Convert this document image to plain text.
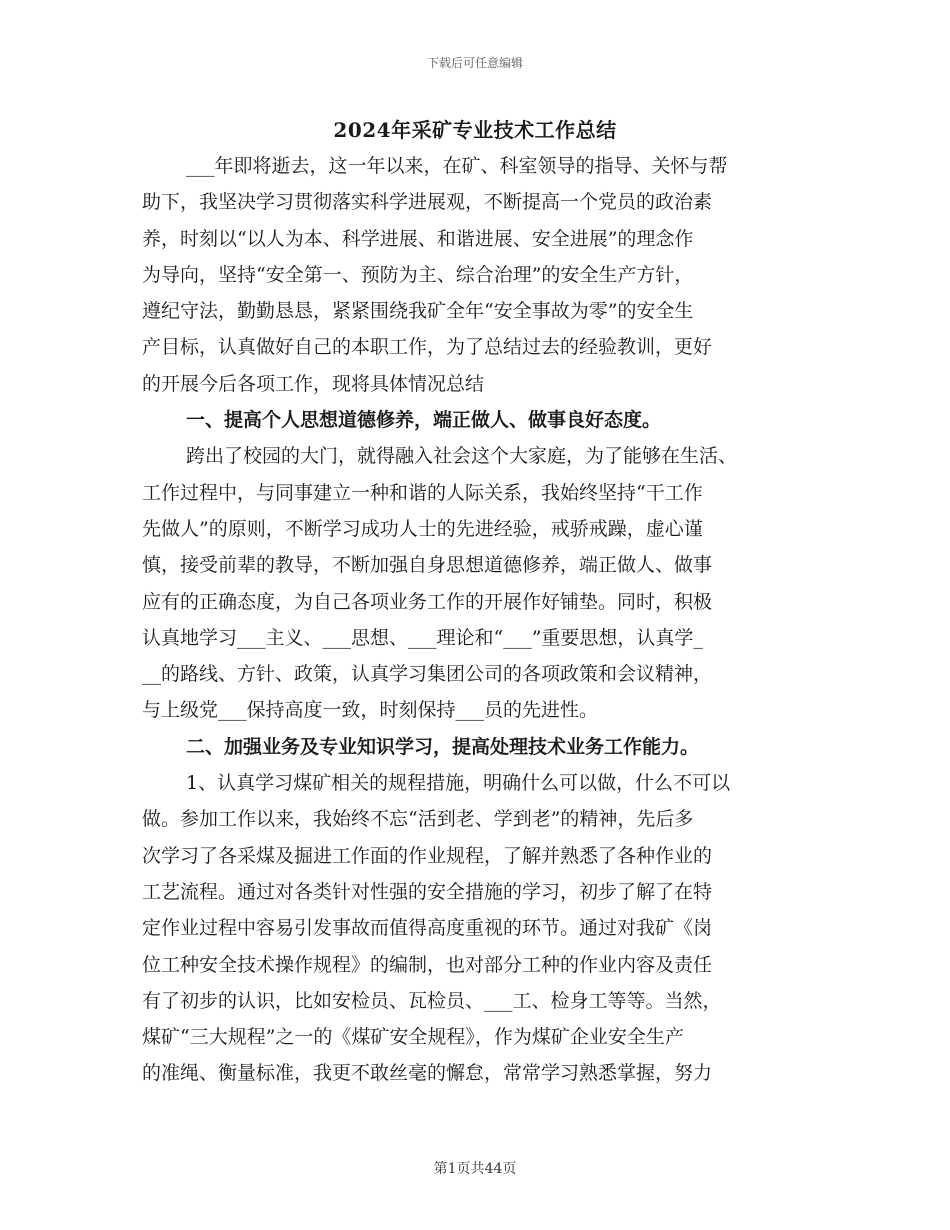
下载后可任意编辑
2024年采矿专业技术工作总结
___年即将逝去，这一年以来，在矿、科室领导的指导、关怀与帮
助下，我坚决学习贯彻落实科学进展观，不断提高一个党员的政治素
养，时刻以“以人为本、科学进展、和谐进展、安全进展”的理念作
为导向，坚持“安全第一、预防为主、综合治理”的安全生产方针，
遵纪守法，勤勤恳恳，紧紧围绕我矿全年“安全事故为零”的安全生
产目标，认真做好自己的本职工作，为了总结过去的经验教训，更好
的开展今后各项工作，现将具体情况总结
一、提高个人思想道德修养，端正做人、做事良好态度。
跨出了校园的大门，就得融入社会这个大家庭，为了能够在生活、
工作过程中，与同事建立一种和谐的人际关系，我始终坚持“干工作
先做人”的原则，不断学习成功人士的先进经验，戒骄戒躁，虚心谨
慎，接受前辈的教导，不断加强自身思想道德修养，端正做人、做事
应有的正确态度，为自己各项业务工作的开展作好铺垫。同时，积极
认真地学习___主义、___思想、___理论和“___”重要思想，认真学_
__的路线、方针、政策，认真学习集团公司的各项政策和会议精神，
与上级党___保持高度一致，时刻保持___员的先进性。
二、加强业务及专业知识学习，提高处理技术业务工作能力。
1、认真学习煤矿相关的规程措施，明确什么可以做，什么不可以
做。参加工作以来，我始终不忘“活到老、学到老”的精神，先后多
次学习了各采煤及掘进工作面的作业规程，了解并熟悉了各种作业的
工艺流程。通过对各类针对性强的安全措施的学习，初步了解了在特
定作业过程中容易引发事故而值得高度重视的环节。通过对我矿《岗
位工种安全技术操作规程》的编制，也对部分工种的作业内容及责任
有了初步的认识，比如安检员、瓦检员、___工、检身工等等。当然，
煤矿“三大规程”之一的《煤矿安全规程》，作为煤矿企业安全生产
的准绳、衡量标准，我更不敢丝毫的懈怠，常常学习熟悉掌握，努力
第1页共44页
